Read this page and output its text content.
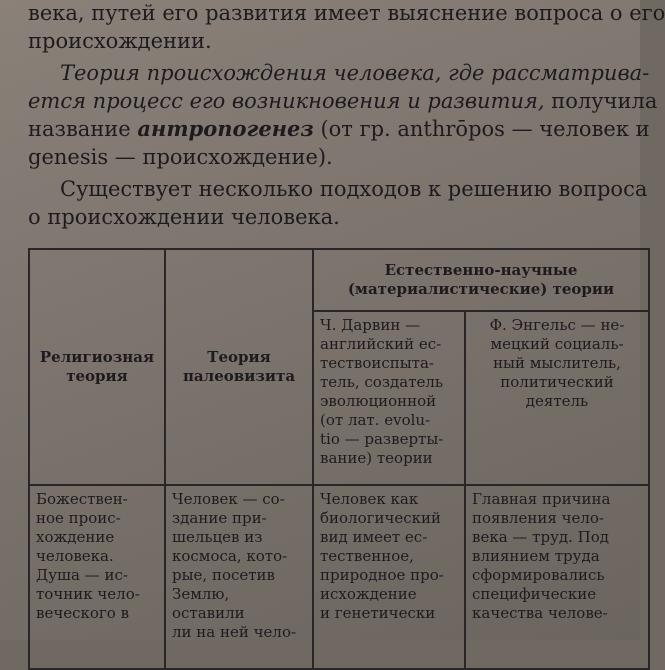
века, путей его развития имеет выяснение вопроса о его
происхождении.
Теория происхождения человека, где рассматрива-
ется процесс его возникновения и развития, получила
название антропогенез (от гр. anthrōpos — человек и
genesis — происхождение).
Существует несколько подходов к решению вопроса
о происхождении человека.
Религиозная
теория
Теория
палеовизита
Естественно-научные
(материалистические) теории
Ч. Дарвин —
английский ес-
тествоиспыта-
тель, создатель
эволюционной
(от лат. evolu-
tio — разверты-
вание) теории
Ф. Энгельс — не-
мецкий социаль-
ный мыслитель,
политический
деятель
Божествен-
ное проис-
хождение
человека.
Душа — ис-
точник чело-
веческого в
Человек — со-
здание при-
шельцев из
космоса, кото-
рые, посетив
Землю, оставили
ли на ней чело-
Человек как
биологический
вид имеет ес-
тественное,
природное про-
исхождение
и генетически
Главная причина
появления чело-
века — труд. Под
влиянием труда
сформировались
специфические
качества челове-
